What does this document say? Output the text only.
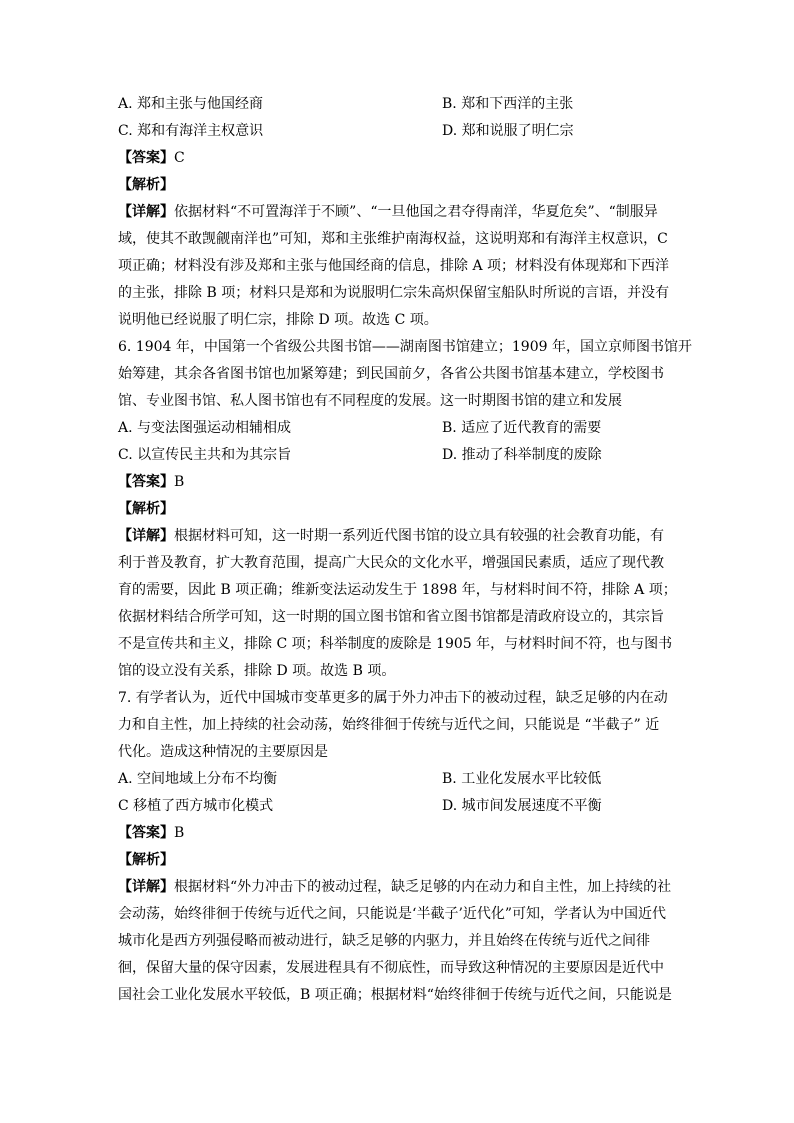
A. 郑和主张与他国经商	B. 郑和下西洋的主张
C. 郑和有海洋主权意识	D. 郑和说服了明仁宗
【答案】C
【解析】
【详解】依据材料“不可置海洋于不顾”、“一旦他国之君夺得南洋，华夏危矣”、“制服异
域，使其不敢觊觎南洋也”可知，郑和主张维护南海权益，这说明郑和有海洋主权意识，C
项正确；材料没有涉及郑和主张与他国经商的信息，排除 A 项；材料没有体现郑和下西洋
的主张，排除 B 项；材料只是郑和为说服明仁宗朱高炽保留宝船队时所说的言语，并没有
说明他已经说服了明仁宗，排除 D 项。故选 C 项。
6. 1904 年，中国第一个省级公共图书馆——湖南图书馆建立；1909 年，国立京师图书馆开
始筹建，其余各省图书馆也加紧筹建；到民国前夕，各省公共图书馆基本建立，学校图书
馆、专业图书馆、私人图书馆也有不同程度的发展。这一时期图书馆的建立和发展
A. 与变法图强运动相辅相成	B. 适应了近代教育的需要
C. 以宣传民主共和为其宗旨	D. 推动了科举制度的废除
【答案】B
【解析】
【详解】根据材料可知，这一时期一系列近代图书馆的设立具有较强的社会教育功能，有
利于普及教育，扩大教育范围，提高广大民众的文化水平，增强国民素质，适应了现代教
育的需要，因此 B 项正确；维新变法运动发生于 1898 年，与材料时间不符，排除 A 项；
依据材料结合所学可知，这一时期的国立图书馆和省立图书馆都是清政府设立的，其宗旨
不是宣传共和主义，排除 C 项；科举制度的废除是 1905 年，与材料时间不符，也与图书
馆的设立没有关系，排除 D 项。故选 B 项。
7. 有学者认为，近代中国城市变革更多的属于外力冲击下的被动过程，缺乏足够的内在动
力和自主性，加上持续的社会动荡，始终徘徊于传统与近代之间，只能说是 “半截子” 近
代化。造成这种情况的主要原因是
A. 空间地域上分布不均衡	B. 工业化发展水平比较低
C 移植了西方城市化模式	D. 城市间发展速度不平衡
【答案】B
【解析】
【详解】根据材料“外力冲击下的被动过程，缺乏足够的内在动力和自主性，加上持续的社
会动荡，始终徘徊于传统与近代之间，只能说是‘半截子’近代化”可知，学者认为中国近代
城市化是西方列强侵略而被动进行，缺乏足够的内驱力，并且始终在传统与近代之间徘
徊，保留大量的保守因素，发展进程具有不彻底性，而导致这种情况的主要原因是近代中
国社会工业化发展水平较低，B 项正确；根据材料“始终徘徊于传统与近代之间，只能说是
